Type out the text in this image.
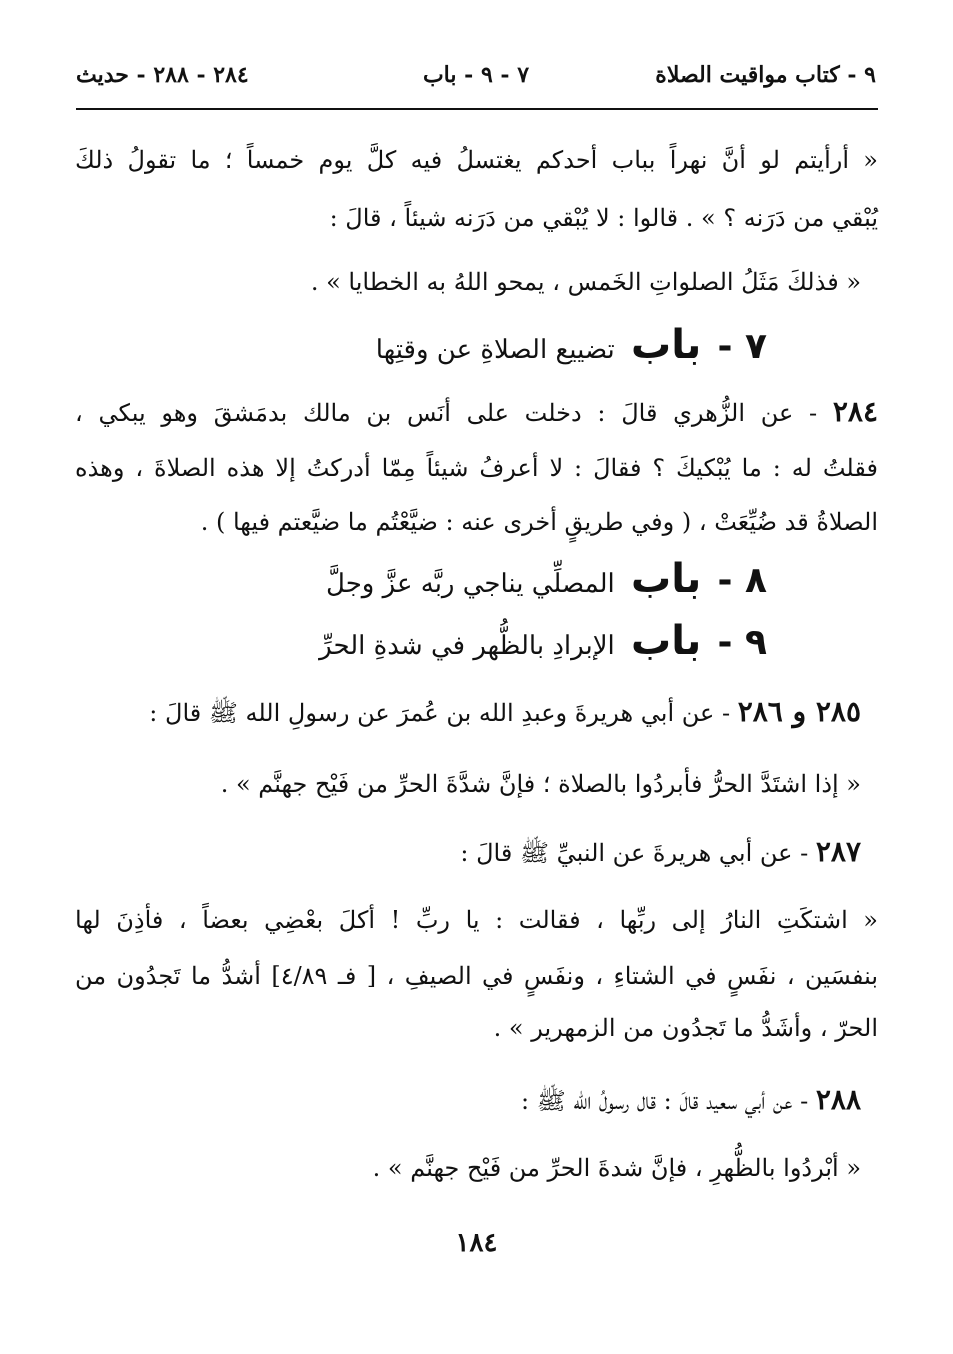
٩ - كتاب مواقيت الصلاة
٧ - ٩ - باب
٢٨٤ - ٢٨٨ - حديث
« أرأيتم لو أنَّ نهراً بباب أحدكم يغتسلُ فيه كلَّ يوم خمساً ؛ ما تقولُ ذلكَ
يُبْقي من دَرَنه ؟ » . قالوا : لا يُبْقي من دَرَنه شيئاً ، قالَ :
« فذلكَ مَثَلُ الصلواتِ الخَمس ، يمحو اللهُ به الخطايا » .
٧ - باب تضييع الصلاةِ عن وقتِها
٢٨٤ - عن الزُّهري قالَ : دخلت على أنَس بن مالك بدمَشقَ وهو يبكي ،
فقلتُ له : ما يُبْكيكَ ؟ فقالَ : لا أعرفُ شيئاً مِمّا أدركتُ إلا هذه الصلاةَ ، وهذه
الصلاةُ قد ضُيِّعَتْ ، ( وفي طريقٍ أخرى عنه : ضيَّعْتُم ما ضيَّعتم فيها ) .
٨ - باب المصلِّي يناجي ربَّه عزَّ وجلَّ
٩ - باب الإبرادِ بالظُّهر في شدةِ الحرِّ
٢٨٥ و ٢٨٦ - عن أبي هريرةَ وعبدِ الله بن عُمرَ عن رسولِ الله ﷺ قالَ :
« إذا اشتَدَّ الحرُّ فأبردُوا بالصلاة ؛ فإنَّ شدَّةَ الحرِّ من فَيْح جهنَّم » .
٢٨٧ - عن أبي هريرةَ عن النبيِّ ﷺ قالَ :
« اشتكَتِ النارُ إلى ربِّها ، فقالت : يا ربِّ ! أكلَ بعْضِي بعضاً ، فأذِنَ لها
بنفسَين ، نفَسٍ في الشتاءِ ، ونفَسٍ في الصيفِ ، [ فـ ٤/٨٩] أشدُّ ما تَجدُون من
الحرّ ، وأشَدُّ ما تَجدُون من الزمهرير » .
٢٨٨ - عن أبي سعيد قالَ : قال رسولُ الله ﷺ :
« أبْردُوا بالظُّهرِ ، فإنَّ شدةَ الحرِّ من فَيْح جهنَّم » .
١٨٤
